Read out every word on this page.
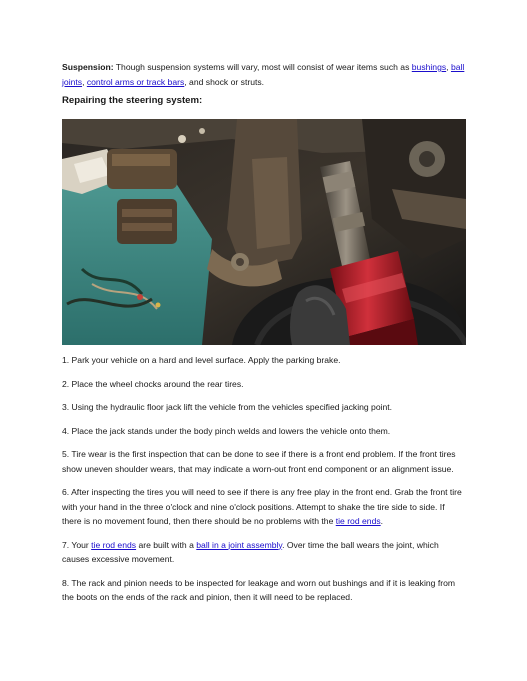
Suspension: Though suspension systems will vary, most will consist of wear items such as bushings, ball joints, control arms or track bars, and shock or struts.

Repairing the steering system:

1. Park your vehicle on a hard and level surface. Apply the parking brake.

2. Place the wheel chocks around the rear tires.

3. Using the hydraulic floor jack lift the vehicle from the vehicles specified jacking point.

4. Place the jack stands under the body pinch welds and lowers the vehicle onto them.

5. Tire wear is the first inspection that can be done to see if there is a front end problem. If the front tires show uneven shoulder wears, that may indicate a worn-out front end component or an alignment issue.

6. After inspecting the tires you will need to see if there is any free play in the front end. Grab the front tire with your hand in the three o'clock and nine o'clock positions. Attempt to shake the tire side to side. If there is no movement found, then there should be no problems with the tie rod ends.

7. Your tie rod ends are built with a ball in a joint assembly. Over time the ball wears the joint, which causes excessive movement.

8. The rack and pinion needs to be inspected for leakage and worn out bushings and if it is leaking from the boots on the ends of the rack and pinion, then it will need to be replaced.
